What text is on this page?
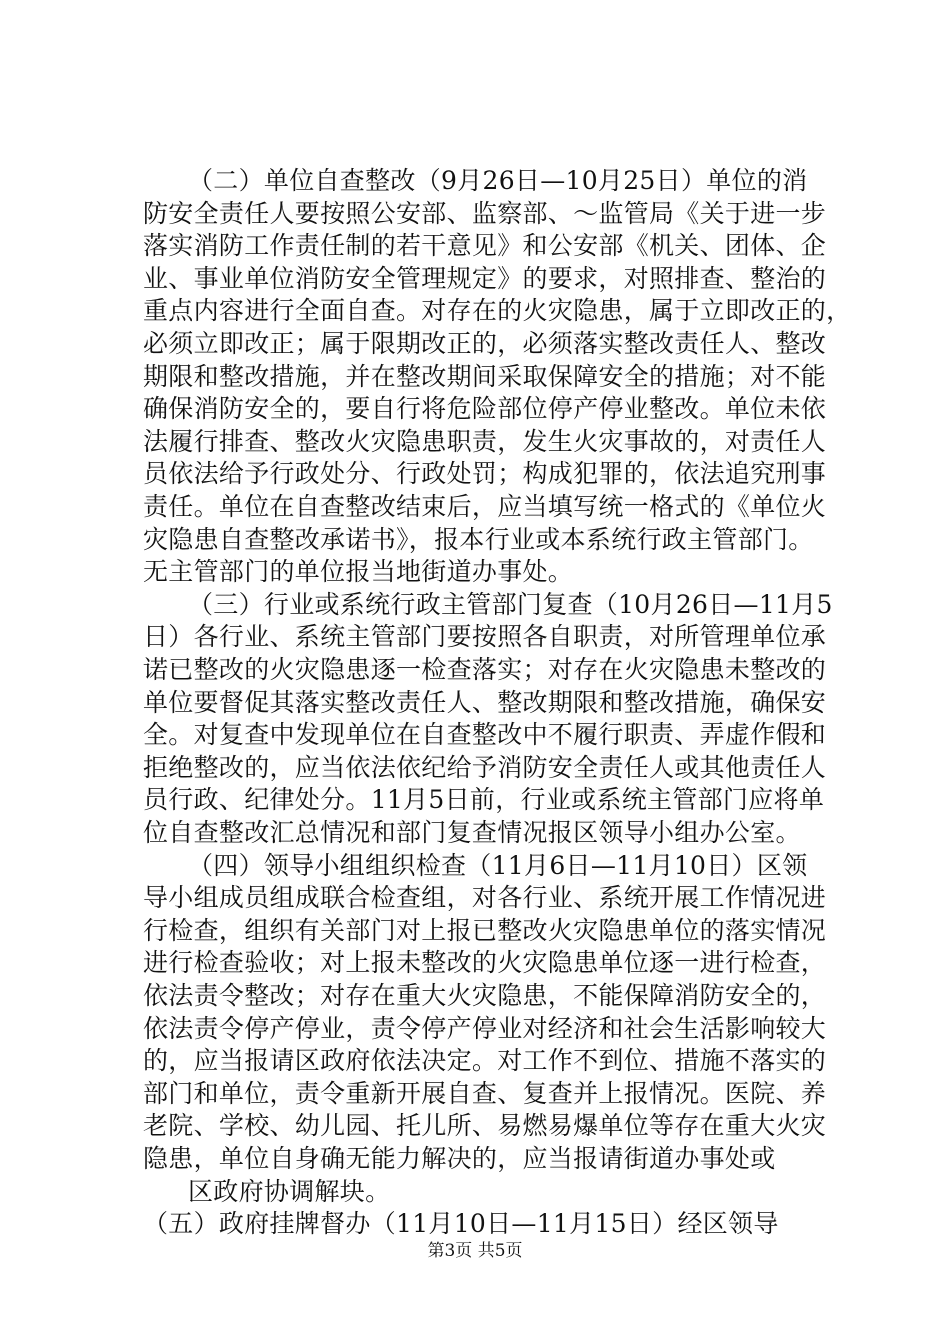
（二）单位自查整改（9月26日—10月25日）单位的消
防安全责任人要按照公安部、监察部、～监管局《关于进一步
落实消防工作责任制的若干意见》和公安部《机关、团体、企
业、事业单位消防安全管理规定》的要求，对照排查、整治的
重点内容进行全面自查。对存在的火灾隐患，属于立即改正的，
必须立即改正；属于限期改正的，必须落实整改责任人、整改
期限和整改措施，并在整改期间采取保障安全的措施；对不能
确保消防安全的，要自行将危险部位停产停业整改。单位未依
法履行排查、整改火灾隐患职责，发生火灾事故的，对责任人
员依法给予行政处分、行政处罚；构成犯罪的，依法追究刑事
责任。单位在自查整改结束后，应当填写统一格式的《单位火
灾隐患自查整改承诺书》，报本行业或本系统行政主管部门。
无主管部门的单位报当地街道办事处。
（三）行业或系统行政主管部门复查（10月26日—11月5
日）各行业、系统主管部门要按照各自职责，对所管理单位承
诺已整改的火灾隐患逐一检查落实；对存在火灾隐患未整改的
单位要督促其落实整改责任人、整改期限和整改措施，确保安
全。对复查中发现单位在自查整改中不履行职责、弄虚作假和
拒绝整改的，应当依法依纪给予消防安全责任人或其他责任人
员行政、纪律处分。11月5日前，行业或系统主管部门应将单
位自查整改汇总情况和部门复查情况报区领导小组办公室。
（四）领导小组组织检查（11月6日—11月10日）区领
导小组成员组成联合检查组，对各行业、系统开展工作情况进
行检查，组织有关部门对上报已整改火灾隐患单位的落实情况
进行检查验收；对上报未整改的火灾隐患单位逐一进行检查，
依法责令整改；对存在重大火灾隐患，不能保障消防安全的，
依法责令停产停业，责令停产停业对经济和社会生活影响较大
的，应当报请区政府依法决定。对工作不到位、措施不落实的
部门和单位，责令重新开展自查、复查并上报情况。医院、养
老院、学校、幼儿园、托儿所、易燃易爆单位等存在重大火灾
隐患，单位自身确无能力解决的，应当报请街道办事处或
区政府协调解块。
（五）政府挂牌督办（11月10日—11月15日）经区领导
第3页 共5页
